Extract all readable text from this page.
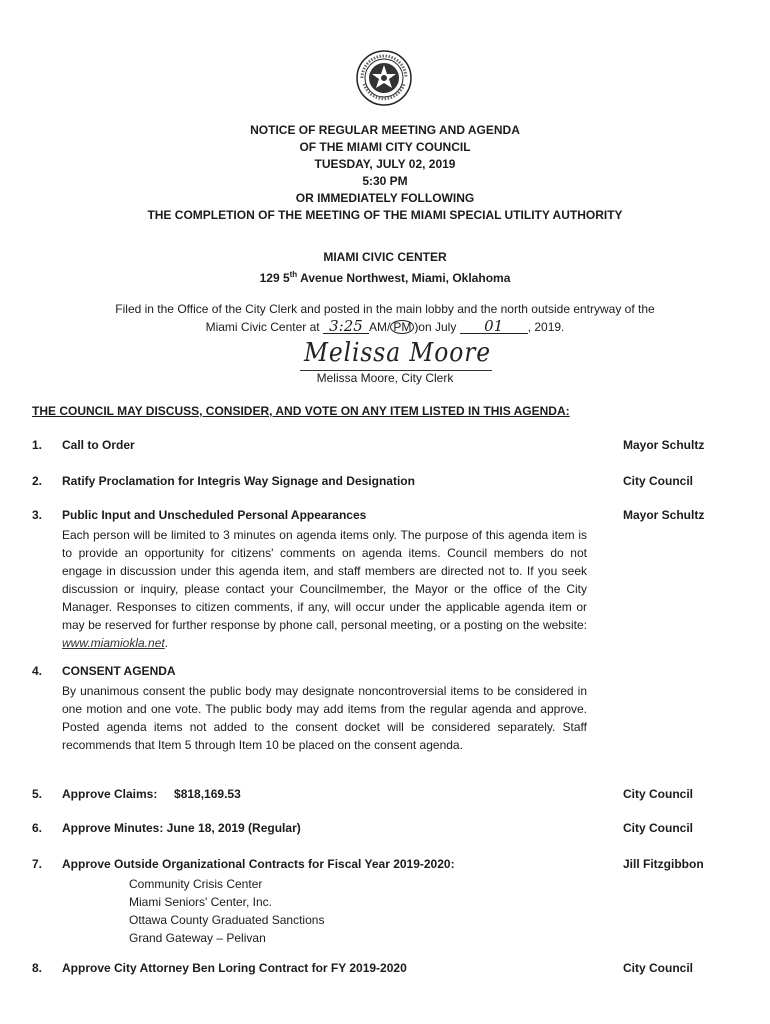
NOTICE OF REGULAR MEETING AND AGENDA
OF THE MIAMI CITY COUNCIL
TUESDAY, JULY 02, 2019
5:30 PM
OR IMMEDIATELY FOLLOWING
THE COMPLETION OF THE MEETING OF THE MIAMI SPECIAL UTILITY AUTHORITY
MIAMI CIVIC CENTER
129 5th Avenue Northwest, Miami, Oklahoma
Filed in the Office of the City Clerk and posted in the main lobby and the north outside entryway of the
Miami Civic Center at 3:25 AM/ PM )on July 01 , 2019.
Melissa Moore
Melissa Moore, City Clerk
THE COUNCIL MAY DISCUSS, CONSIDER, AND VOTE ON ANY ITEM LISTED IN THIS AGENDA:
1. Call to Order	Mayor Schultz
2. Ratify Proclamation for Integris Way Signage and Designation	City Council
3. Public Input and Unscheduled Personal Appearances	Mayor Schultz
Each person will be limited to 3 minutes on agenda items only. The purpose of this agenda item is to provide an opportunity for citizens' comments on agenda items. Council members do not engage in discussion under this agenda item, and staff members are directed not to. If you seek discussion or inquiry, please contact your Councilmember, the Mayor or the office of the City Manager. Responses to citizen comments, if any, will occur under the applicable agenda item or may be reserved for further response by phone call, personal meeting, or a posting on the website: www.miamiokla.net.
4. CONSENT AGENDA
By unanimous consent the public body may designate noncontroversial items to be considered in one motion and one vote. The public body may add items from the regular agenda and approve. Posted agenda items not added to the consent docket will be considered separately. Staff recommends that Item 5 through Item 10 be placed on the consent agenda.
5. Approve Claims:     $818,169.53	City Council
6. Approve Minutes: June 18, 2019 (Regular)	City Council
7. Approve Outside Organizational Contracts for Fiscal Year 2019-2020:	Jill Fitzgibbon
Community Crisis Center
Miami Seniors' Center, Inc.
Ottawa County Graduated Sanctions
Grand Gateway – Pelivan
8. Approve City Attorney Ben Loring Contract for FY 2019-2020	City Council
